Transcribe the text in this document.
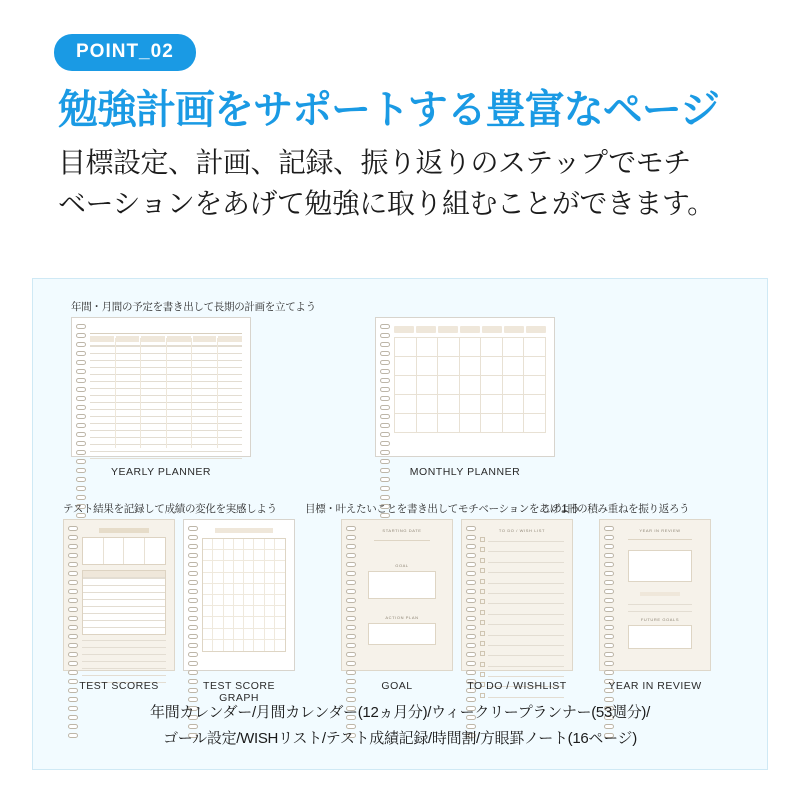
POINT_02
勉強計画をサポートする豊富なページ
目標設定、計画、記録、振り返りのステップでモチ
ベーションをあげて勉強に取り組むことができます。
年間・月間の予定を書き出して長期の計画を立てよう
YEARLY PLANNER	MONTHLY PLANNER
テスト結果を記録して成績の変化を実感しよう	目標・叶えたいことを書き出してモチベーションをあげよう
この1冊の積み重ねを振り返ろう
TEST SCORES	TEST SCORE GRAPH
STARTING DATE
GOAL
ACTION PLAN
GOAL
TO DO / WISH LIST
TO DO / WISHLIST
YEAR IN REVIEW
FUTURE GOALS
YEAR IN REVIEW
年間カレンダー/月間カレンダー(12ヵ月分)/ウィークリープランナー(53週分)/
ゴール設定/WISHリスト/テスト成績記録/時間割/方眼罫ノート(16ページ)
